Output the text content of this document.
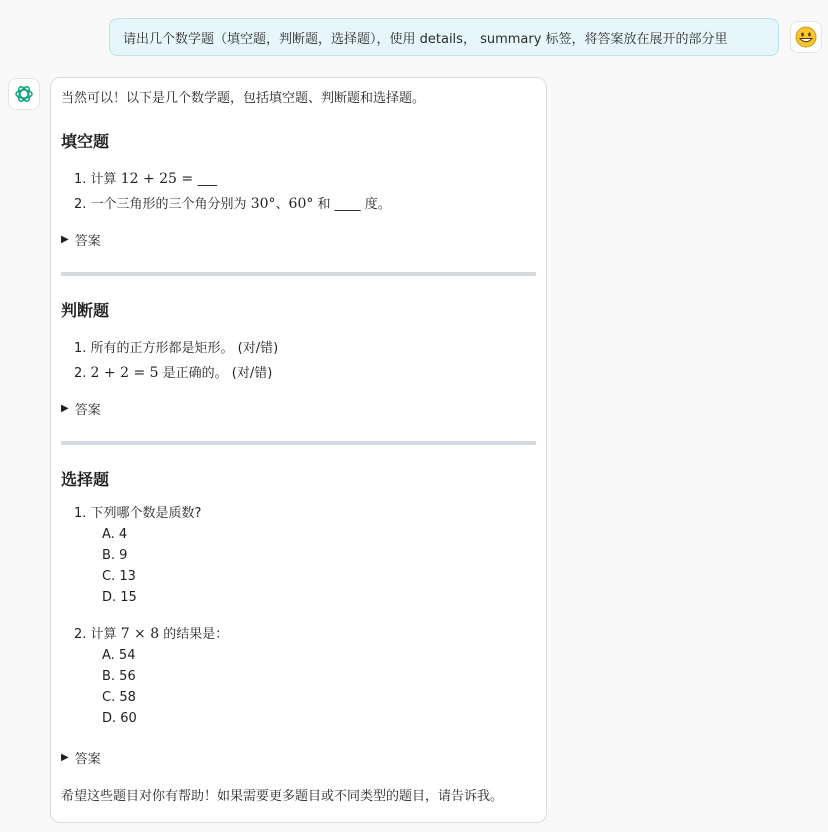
请出几个数学题（填空题，判断题，选择题），使用 details， summary 标签，将答案放在展开的部分里
当然可以！以下是几个数学题，包括填空题、判断题和选择题。
填空题
1. 计算 12 + 25 = ___
2. 一个三角形的三个角分别为 30°、60° 和 ____ 度。
▶ 答案
判断题
1. 所有的正方形都是矩形。 (对/错)
2. 2 + 2 = 5 是正确的。 (对/错)
▶ 答案
选择题
1. 下列哪个数是质数?
A. 4
B. 9
C. 13
D. 15
2. 计算 7 × 8 的结果是：
A. 54
B. 56
C. 58
D. 60
▶ 答案
希望这些题目对你有帮助！如果需要更多题目或不同类型的题目，请告诉我。
